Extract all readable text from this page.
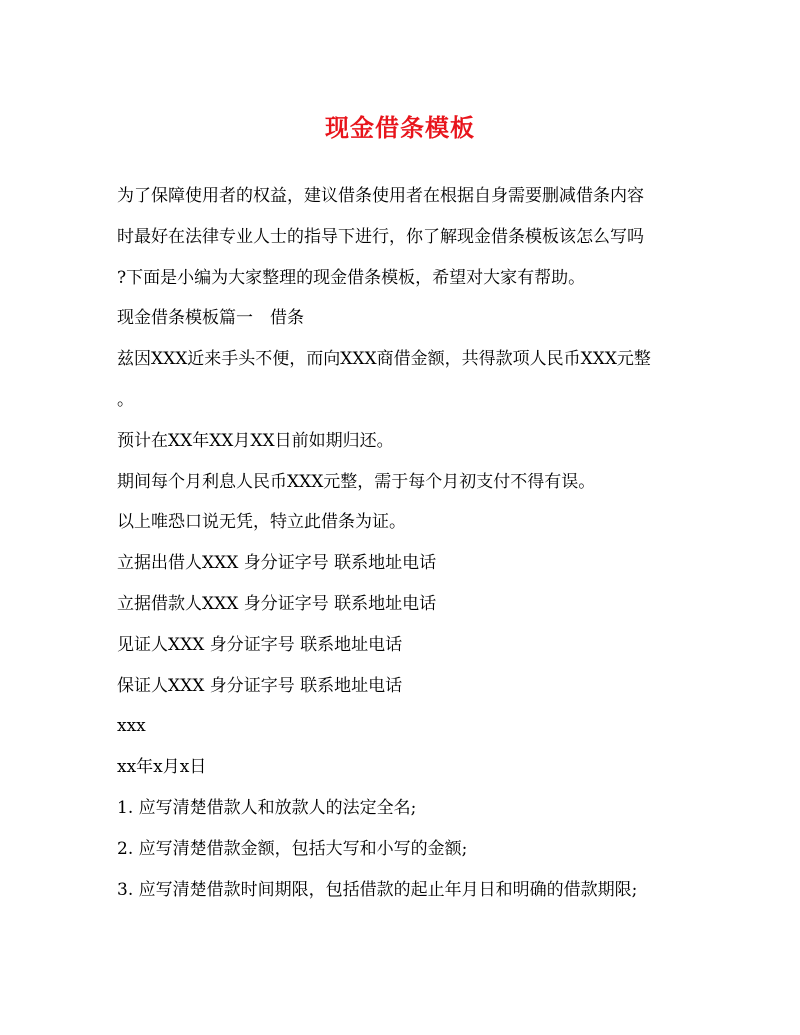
现金借条模板
为了保障使用者的权益，建议借条使用者在根据自身需要删减借条内容
时最好在法律专业人士的指导下进行，你了解现金借条模板该怎么写吗
?下面是小编为大家整理的现金借条模板，希望对大家有帮助。
现金借条模板篇一　借条
兹因XXX近来手头不便，而向XXX商借金额，共得款项人民币XXX元整
。
预计在XX年XX月XX日前如期归还。
期间每个月利息人民币XXX元整，需于每个月初支付不得有误。
以上唯恐口说无凭，特立此借条为证。
立据出借人XXX 身分证字号 联系地址电话
立据借款人XXX 身分证字号 联系地址电话
见证人XXX 身分证字号 联系地址电话
保证人XXX 身分证字号 联系地址电话
xxx
xx年x月x日
1. 应写清楚借款人和放款人的法定全名;
2. 应写清楚借款金额，包括大写和小写的金额;
3. 应写清楚借款时间期限，包括借款的起止年月日和明确的借款期限;
